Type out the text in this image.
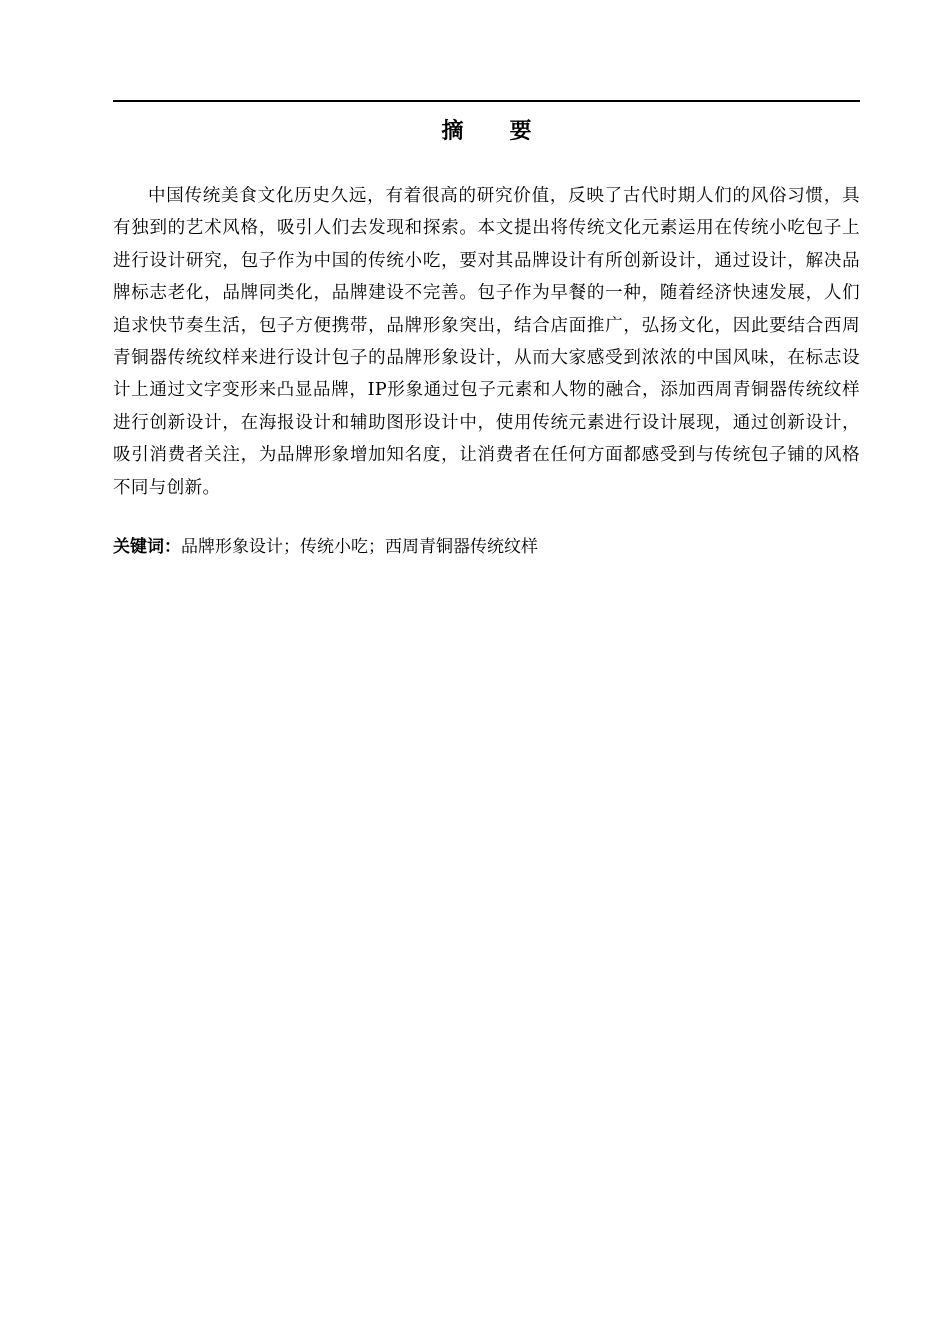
摘 要

中国传统美食文化历史久远，有着很高的研究价值，反映了古代时期人们的风俗习惯，具有独到的艺术风格，吸引人们去发现和探索。本文提出将传统文化元素运用在传统小吃包子上进行设计研究，包子作为中国的传统小吃，要对其品牌设计有所创新设计，通过设计，解决品牌标志老化，品牌同类化，品牌建设不完善。包子作为早餐的一种，随着经济快速发展，人们追求快节奏生活，包子方便携带，品牌形象突出，结合店面推广，弘扬文化，因此要结合西周青铜器传统纹样来进行设计包子的品牌形象设计，从而大家感受到浓浓的中国风味，在标志设计上通过文字变形来凸显品牌，IP形象通过包子元素和人物的融合，添加西周青铜器传统纹样进行创新设计，在海报设计和辅助图形设计中，使用传统元素进行设计展现，通过创新设计，吸引消费者关注，为品牌形象增加知名度，让消费者在任何方面都感受到与传统包子铺的风格不同与创新。

关键词：品牌形象设计；传统小吃；西周青铜器传统纹样
